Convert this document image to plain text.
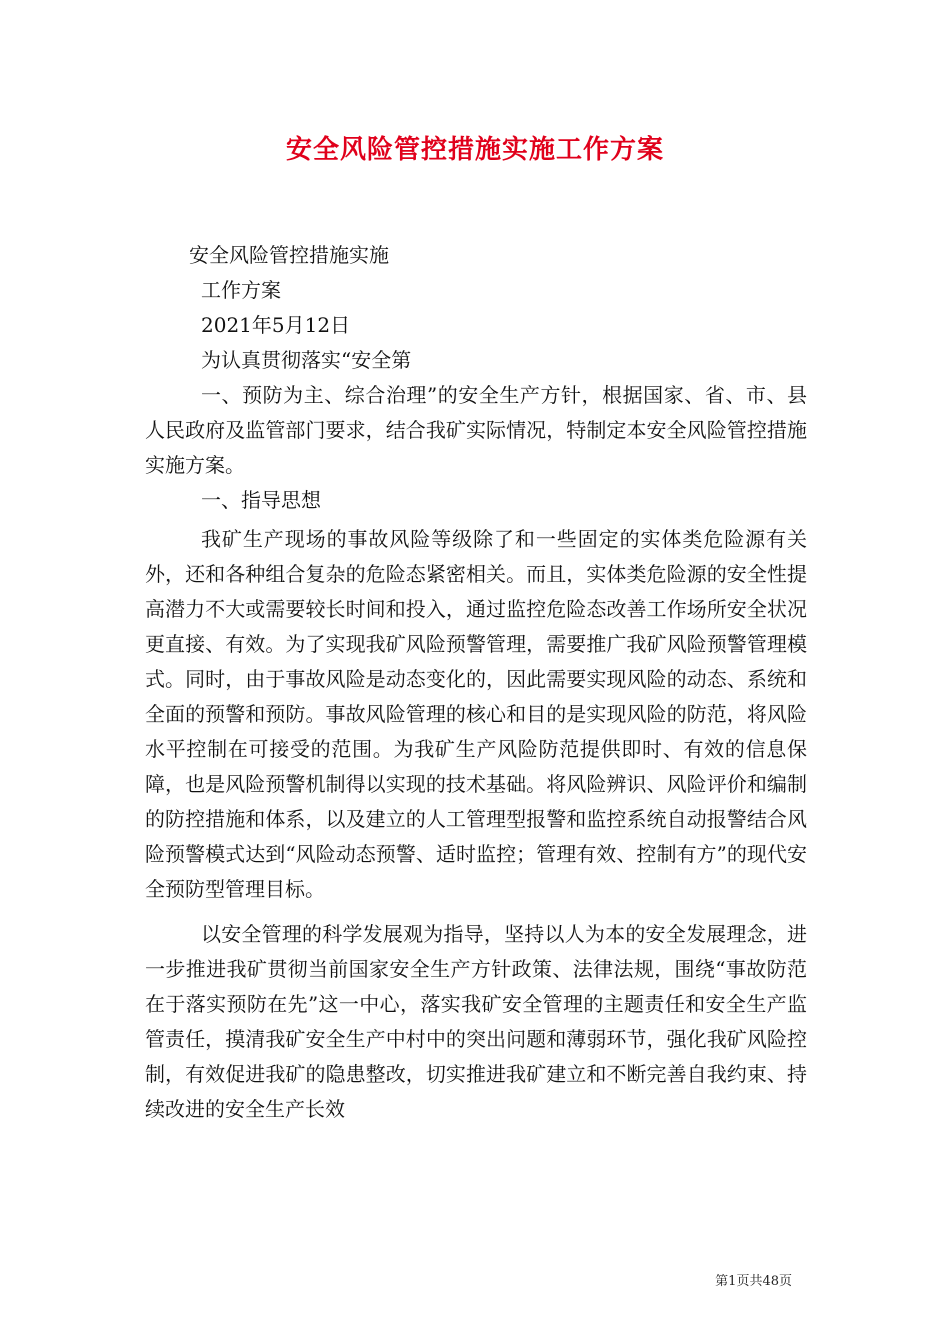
安全风险管控措施实施工作方案

安全风险管控措施实施

工作方案

2021年5月12日

为认真贯彻落实“安全第

一、预防为主、综合治理”的安全生产方针，根据国家、省、市、县人民政府及监管部门要求，结合我矿实际情况，特制定本安全风险管控措施实施方案。

一、指导思想

我矿生产现场的事故风险等级除了和一些固定的实体类危险源有关外，还和各种组合复杂的危险态紧密相关。而且，实体类危险源的安全性提高潜力不大或需要较长时间和投入，通过监控危险态改善工作场所安全状况更直接、有效。为了实现我矿风险预警管理，需要推广我矿风险预警管理模式。同时，由于事故风险是动态变化的，因此需要实现风险的动态、系统和全面的预警和预防。事故风险管理的核心和目的是实现风险的防范，将风险水平控制在可接受的范围。为我矿生产风险防范提供即时、有效的信息保障，也是风险预警机制得以实现的技术基础。将风险辨识、风险评价和编制的防控措施和体系，以及建立的人工管理型报警和监控系统自动报警结合风险预警模式达到“风险动态预警、适时监控；管理有效、控制有方”的现代安全预防型管理目标。

以安全管理的科学发展观为指导，坚持以人为本的安全发展理念，进一步推进我矿贯彻当前国家安全生产方针政策、法律法规，围绕“事故防范在于落实预防在先”这一中心，落实我矿安全管理的主题责任和安全生产监管责任，摸清我矿安全生产中村中的突出问题和薄弱环节，强化我矿风险控制，有效促进我矿的隐患整改，切实推进我矿建立和不断完善自我约束、持续改进的安全生产长效

第1页共48页
